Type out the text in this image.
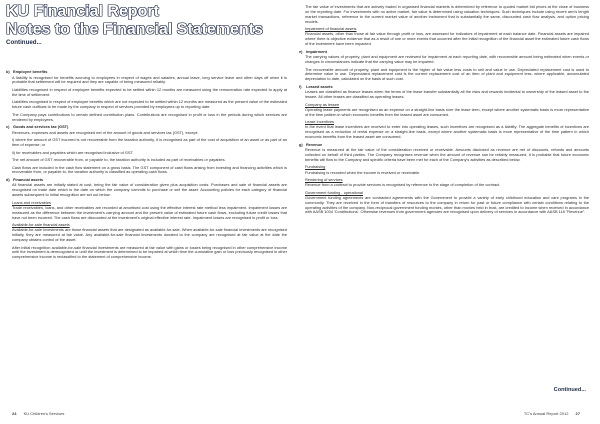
KU Financial Report
Notes to the Financial Statements
Continued...

b) Employee benefits

A liability is recognised for benefits accruing to employees in respect of wages and salaries, annual leave, long service leave and other days off when it is probable that settlement will be required and they are capable of being measured reliably.

Liabilities recognised in respect of employee benefits expected to be settled within 12 months are measured using the remuneration rate expected to apply at the time of settlement.

Liabilities recognised in respect of employee benefits which are not expected to be settled within 12 months are measured as the present value of the estimated future cash outflows to be made by the company in respect of services provided by employees up to reporting date.

The Company pays contributions to certain defined contribution plans. Contributions are recognised in profit or loss in the periods during which services are rendered by employees.

c) Goods and services tax (GST)

Revenues, expenses and assets are recognised net of the amount of goods and services tax (GST), except:

i) where the amount of GST incurred is not recoverable from the taxation authority, it is recognised as part of the cost of acquisition of an asset or as part of an item of expense; or

ii) for receivables and payables which are recognised inclusive of GST.

The net amount of GST recoverable from, or payable to, the taxation authority is included as part of receivables or payables.

Cash flows are included in the cash flow statement on a gross basis. The GST component of cash flows arising from investing and financing activities which is recoverable from, or payable to, the taxation authority is classified as operating cash flows.

d) Financial assets

All financial assets are initially stated at cost, being the fair value of consideration given plus acquisition costs. Purchases and sale of financial assets are recognised on trade date which is the date on which the company commits to purchase or sell the asset. Accounting policies for each category of financial assets subsequent to initial recognition are set out below:

Loans and receivables

Trade receivables, loans, and other receivables are recorded at amortised cost using the effective interest rate method less impairment. Impairment losses are measured as the difference between the investment's carrying amount and the present value of estimated future cash flows, excluding future credit losses that have not been incurred. The cash flows are discounted at the investment's original effective interest rate. Impairment losses are recognised in profit or loss.

Available-for-sale financial assets

Available-for-sale investments are those financial assets that are designated as available-for-sale. When available-for-sale financial investments are recognised initially, they are measured at fair value. Any available-for-sale financial investments donated to the company are recognised at fair value at the date the company obtains control of the asset.

After initial recognition available-for-sale financial investments are measured at fair value with gains or losses being recognised in other comprehensive income until the investment is derecognised or until the investment is determined to be impaired at which time the cumulative gain or loss previously recognised in other comprehensive income is reclassified to the statement of comprehensive income.

The fair value of investments that are actively traded in organised financial markets is determined by reference to quoted market bid prices at the close of business on the reporting date. For investments with no active market, fair value is determined using valuation techniques. Such techniques include using recent arm's length market transactions, reference to the current market value of another instrument that is substantially the same, discounted cash flow analysis, and option pricing models.

Impairment of financial assets

Financial assets, other than those at fair value through profit or loss, are assessed for indicators of impairment at each balance date. Financial assets are impaired where there is objective evidence that as a result of one or more events that occurred after the initial recognition of the financial asset the estimated future cash flows of the investment have been impacted.

e) Impairment

The carrying values of property, plant and equipment are reviewed for impairment at each reporting date, with recoverable amount being estimated when events or changes in circumstances indicate that the carrying value may be impaired.

The recoverable amount of property, plant and equipment is the higher of fair value less costs to sell and value in use. Depreciated replacement cost is used to determine value in use. Depreciated replacement cost is the current replacement cost of an item of plant and equipment less, where applicable, accumulated depreciation to date, calculated on the basis of such cost.

f) Leased assets

Leases are classified as finance leases when the terms of the lease transfer substantially all the risks and rewards incidental to ownership of the leased asset to the lessee. All other leases are classified as operating leases.

Company as lessee

Operating lease payments are recognised as an expense on a straight-line basis over the lease term, except where another systematic basis is more representative of the time pattern in which economic benefits from the leased asset are consumed.

Lease incentives

In the event that lease incentives are received to enter into operating leases, such incentives are recognised as a liability. The aggregate benefits of incentives are recognised as a reduction of rental expense on a straight-line basis, except where another systematic basis is more representative of the time pattern in which economic benefits from the leased asset are consumed.

g) Revenue

Revenue is measured at the fair value of the consideration received or receivable. Amounts disclosed as revenue are net of discounts, refunds and amounts collected on behalf of third parties. The Company recognises revenue when the amount of revenue can be reliably measured, it is probable that future economic benefits will flow to the Company and specific criteria have been met for each of the Company's activities as described below.

Fundraising

Fundraising is recorded when the income is received or receivable.

Rendering of services

Revenue from a contract to provide services is recognised by reference to the stage of completion of the contract.

Government funding - operational

Government funding agreements are contracted agreements with the Government to provide a variety of early childhood education and care programs in the community. They are received in the form of transfers of resources to the company in return for past or future compliance with certain conditions relating to the operating activities of the company. Non-reciprocal government funding monies, other than monies held in trust, are credited to income when received in accordance with AASB 1004 'Contributions'. Otherwise revenues from government agencies are recognised upon delivery of services in accordance with AASB 118 "Revenue".

Continued...
24 KU Children's Services	TC's Annual Report 2012 27
